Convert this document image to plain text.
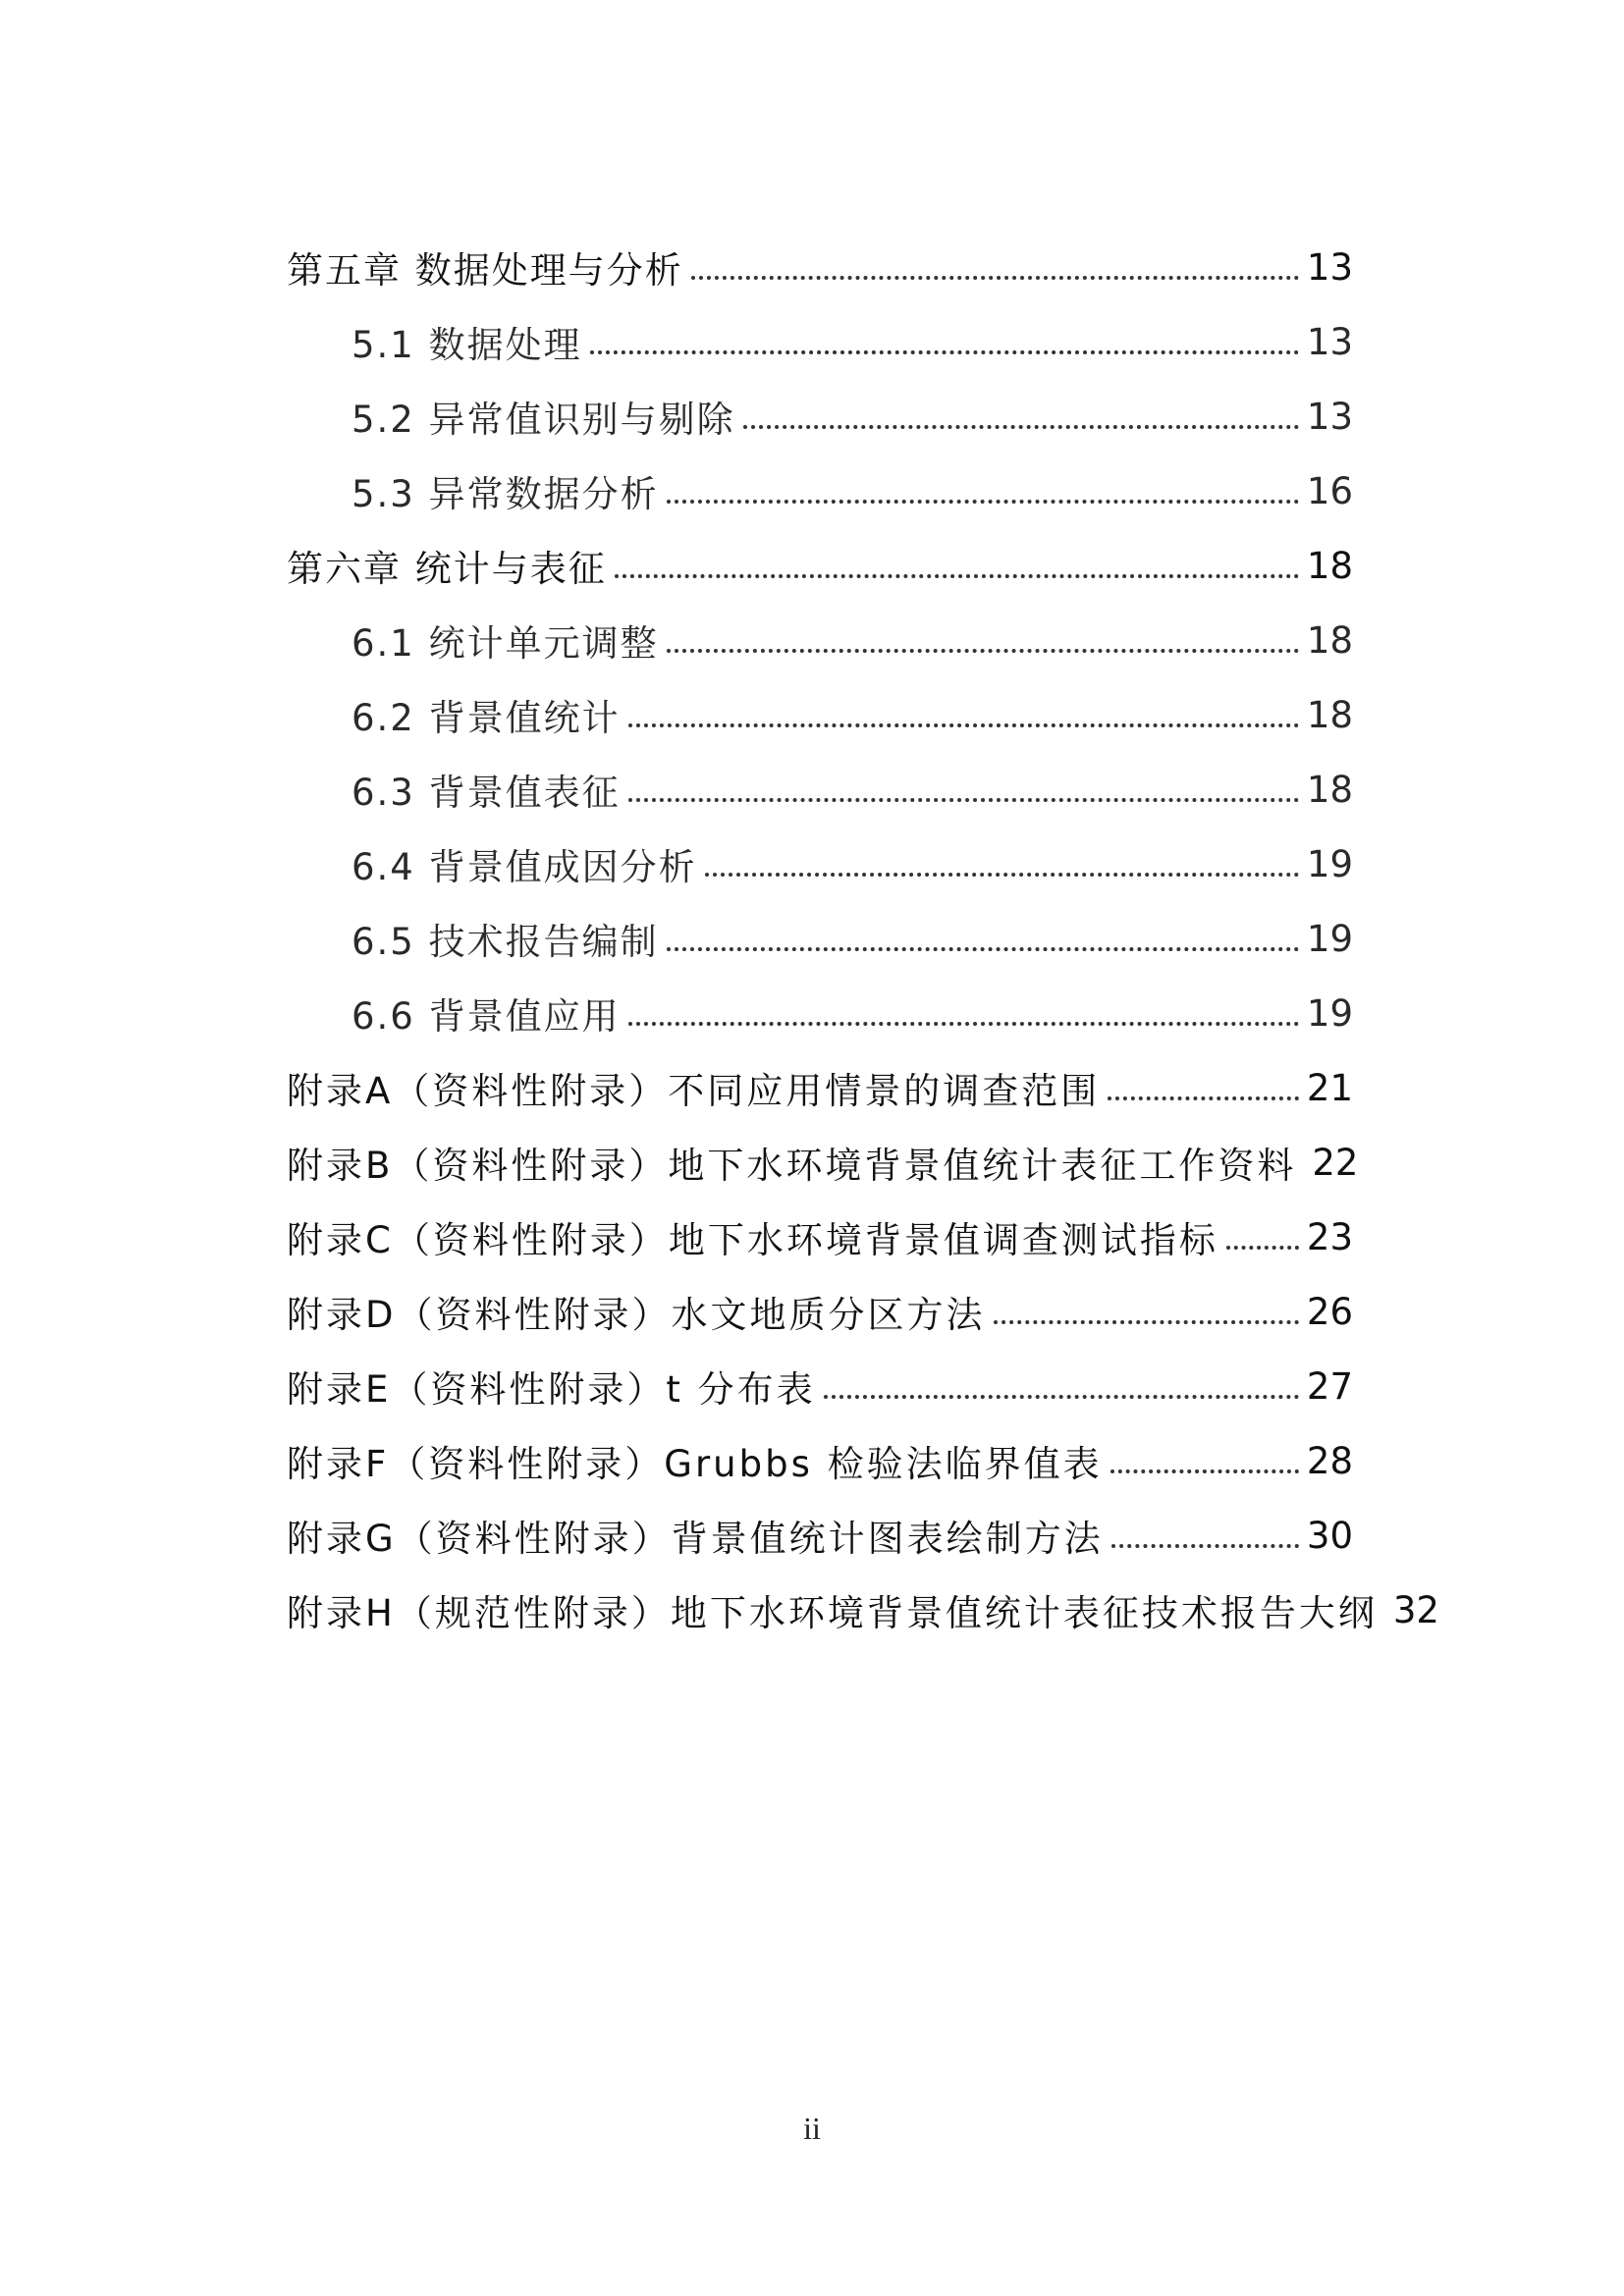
第五章 数据处理与分析	13
5.1 数据处理	13
5.2 异常值识别与剔除	13
5.3 异常数据分析	16
第六章 统计与表征	18
6.1 统计单元调整	18
6.2 背景值统计	18
6.3 背景值表征	18
6.4 背景值成因分析	19
6.5 技术报告编制	19
6.6 背景值应用	19
附录A（资料性附录）不同应用情景的调查范围	21
附录B（资料性附录）地下水环境背景值统计表征工作资料 22
附录C（资料性附录）地下水环境背景值调查测试指标 23
附录D（资料性附录）水文地质分区方法	26
附录E（资料性附录）t 分布表	27
附录F（资料性附录）Grubbs 检验法临界值表	28
附录G（资料性附录）背景值统计图表绘制方法	30
附录H（规范性附录）地下水环境背景值统计表征技术报告大纲 32
ii
